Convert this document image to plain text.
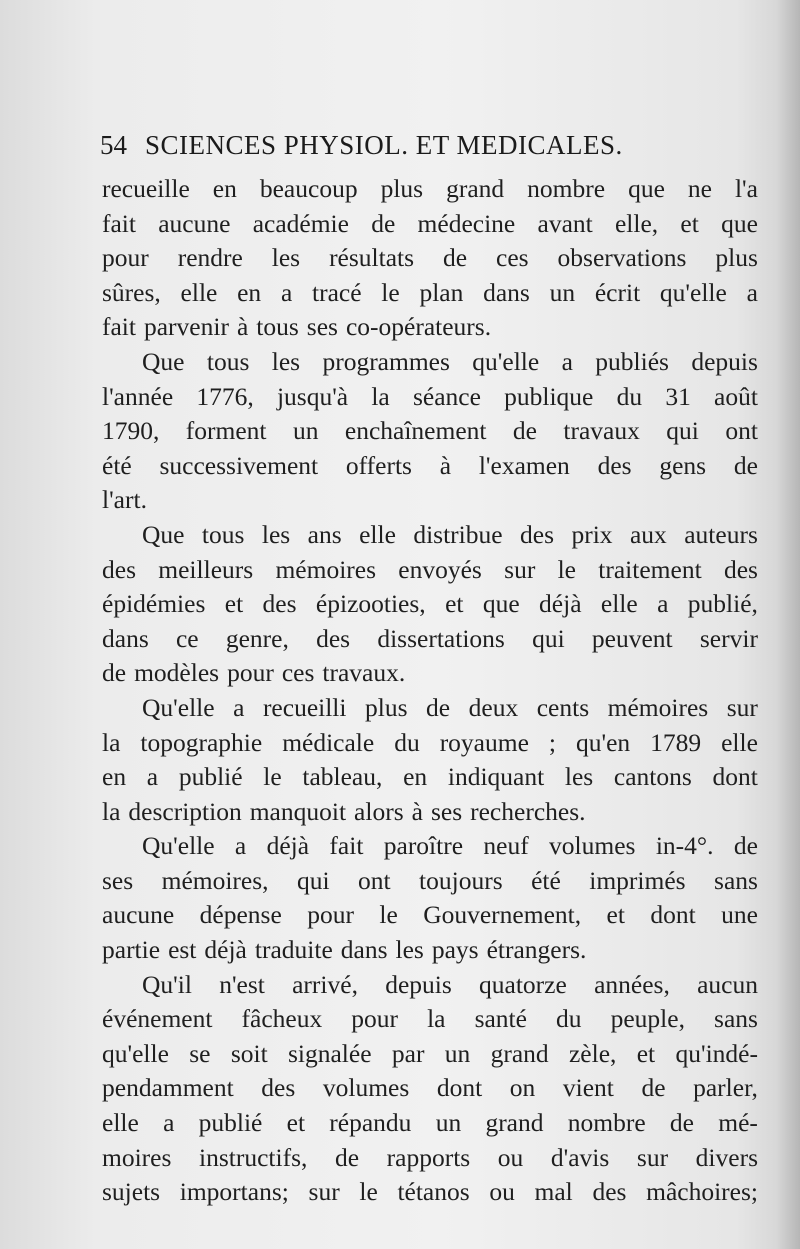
54 SCIENCES PHYSIOL. ET MEDICALES.
recueille en beaucoup plus grand nombre que ne l'a
fait aucune académie de médecine avant elle, et que
pour rendre les résultats de ces observations plus
sûres, elle en a tracé le plan dans un écrit qu'elle a
fait parvenir à tous ses co-opérateurs.
Que tous les programmes qu'elle a publiés depuis
l'année 1776, jusqu'à la séance publique du 31 août
1790, forment un enchaînement de travaux qui ont
été successivement offerts à l'examen des gens de
l'art.
Que tous les ans elle distribue des prix aux auteurs
des meilleurs mémoires envoyés sur le traitement des
épidémies et des épizooties, et que déjà elle a publié,
dans ce genre, des dissertations qui peuvent servir
de modèles pour ces travaux.
Qu'elle a recueilli plus de deux cents mémoires sur
la topographie médicale du royaume ; qu'en 1789 elle
en a publié le tableau, en indiquant les cantons dont
la description manquoit alors à ses recherches.
Qu'elle a déjà fait paroître neuf volumes in-4°. de
ses mémoires, qui ont toujours été imprimés sans
aucune dépense pour le Gouvernement, et dont une
partie est déjà traduite dans les pays étrangers.
Qu'il n'est arrivé, depuis quatorze années, aucun
événement fâcheux pour la santé du peuple, sans
qu'elle se soit signalée par un grand zèle, et qu'indé-
pendamment des volumes dont on vient de parler,
elle a publié et répandu un grand nombre de mé-
moires instructifs, de rapports ou d'avis sur divers
sujets importans; sur le tétanos ou mal des mâchoires;
